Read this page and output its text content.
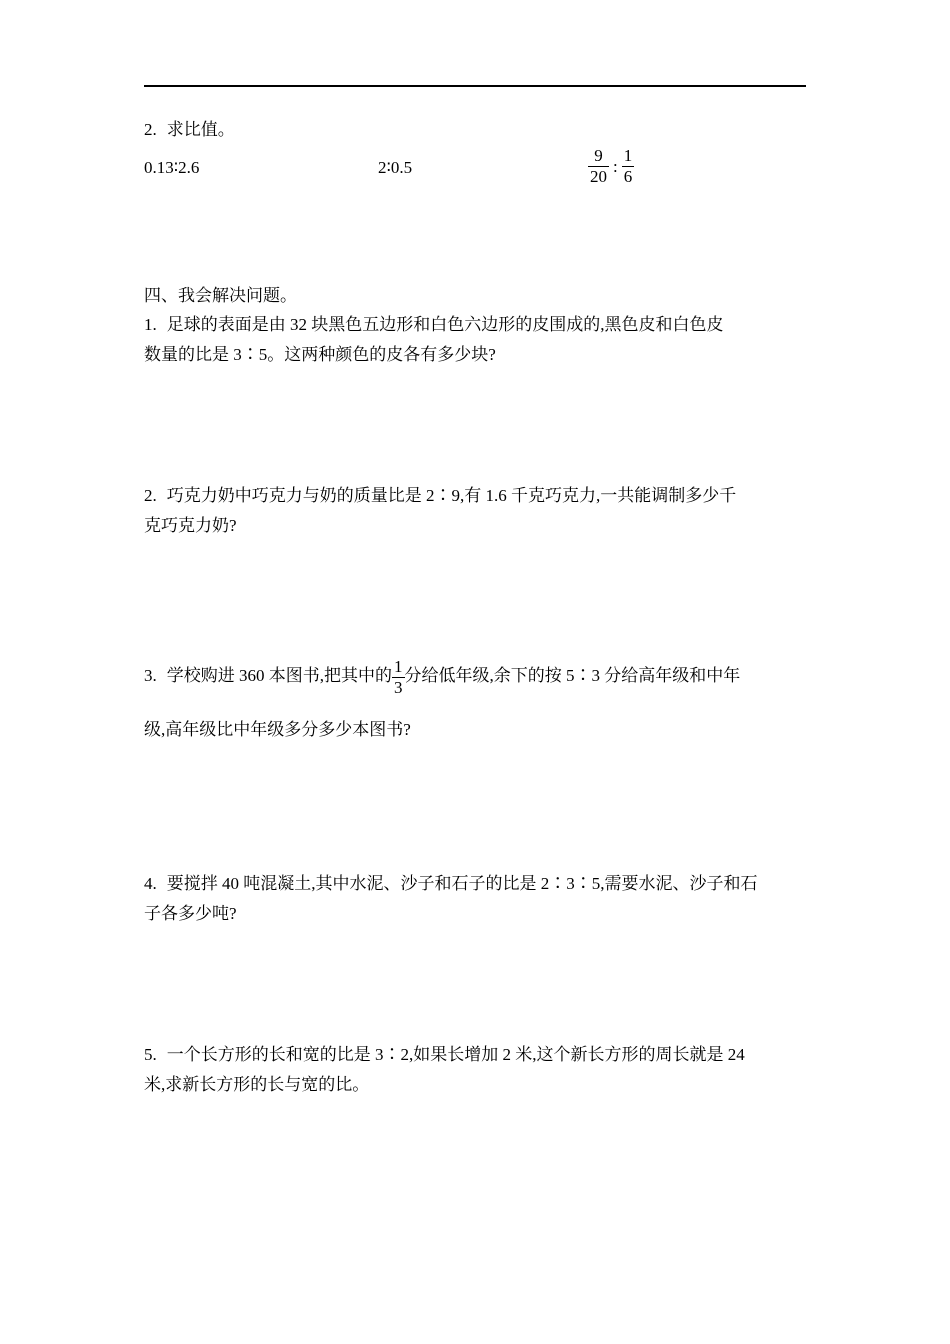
2. 求比值。
0.13∶2.6	2∶0.5	$\frac{9}{20}$ : $\frac{1}{6}$
四、我会解决问题。
1. 足球的表面是由 32 块黑色五边形和白色六边形的皮围成的,黑色皮和白色皮
数量的比是 3∶5。这两种颜色的皮各有多少块?
2. 巧克力奶中巧克力与奶的质量比是 2∶9,有 1.6 千克巧克力,一共能调制多少千
克巧克力奶?
3. 学校购进 360 本图书,把其中的 $\frac{1}{3}$ 分给低年级,余下的按 5∶3 分给高年级和中年
级,高年级比中年级多分多少本图书?
4. 要搅拌 40 吨混凝土,其中水泥、沙子和石子的比是 2∶3∶5,需要水泥、沙子和石
子各多少吨?
5. 一个长方形的长和宽的比是 3∶2,如果长增加 2 米,这个新长方形的周长就是 24
米,求新长方形的长与宽的比。
